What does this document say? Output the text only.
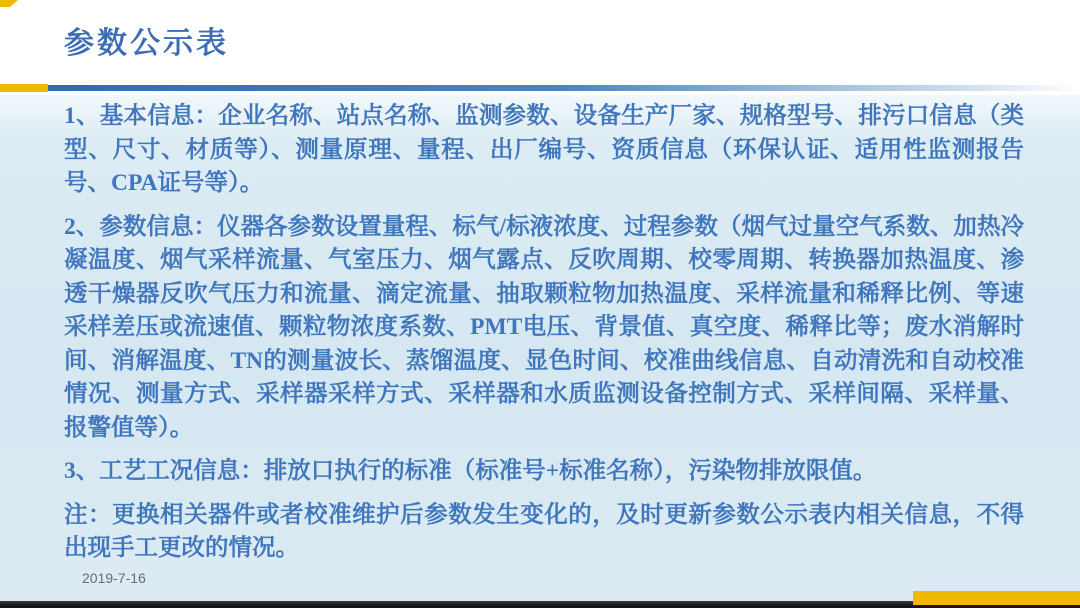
参数公示表

1、基本信息：企业名称、站点名称、监测参数、设备生产厂家、规格型号、排污口信息（类型、尺寸、材质等）、测量原理、量程、出厂编号、资质信息（环保认证、适用性监测报告号、CPA证号等）。

2、参数信息：仪器各参数设置量程、标气/标液浓度、过程参数（烟气过量空气系数、加热冷凝温度、烟气采样流量、气室压力、烟气露点、反吹周期、校零周期、转换器加热温度、渗透干燥器反吹气压力和流量、滴定流量、抽取颗粒物加热温度、采样流量和稀释比例、等速采样差压或流速值、颗粒物浓度系数、PMT电压、背景值、真空度、稀释比等；废水消解时间、消解温度、TN的测量波长、蒸馏温度、显色时间、校准曲线信息、自动清洗和自动校准情况、测量方式、采样器采样方式、采样器和水质监测设备控制方式、采样间隔、采样量、报警值等）。

3、工艺工况信息：排放口执行的标准（标准号+标准名称），污染物排放限值。

注：更换相关器件或者校准维护后参数发生变化的，及时更新参数公示表内相关信息，不得出现手工更改的情况。

2019-7-16
